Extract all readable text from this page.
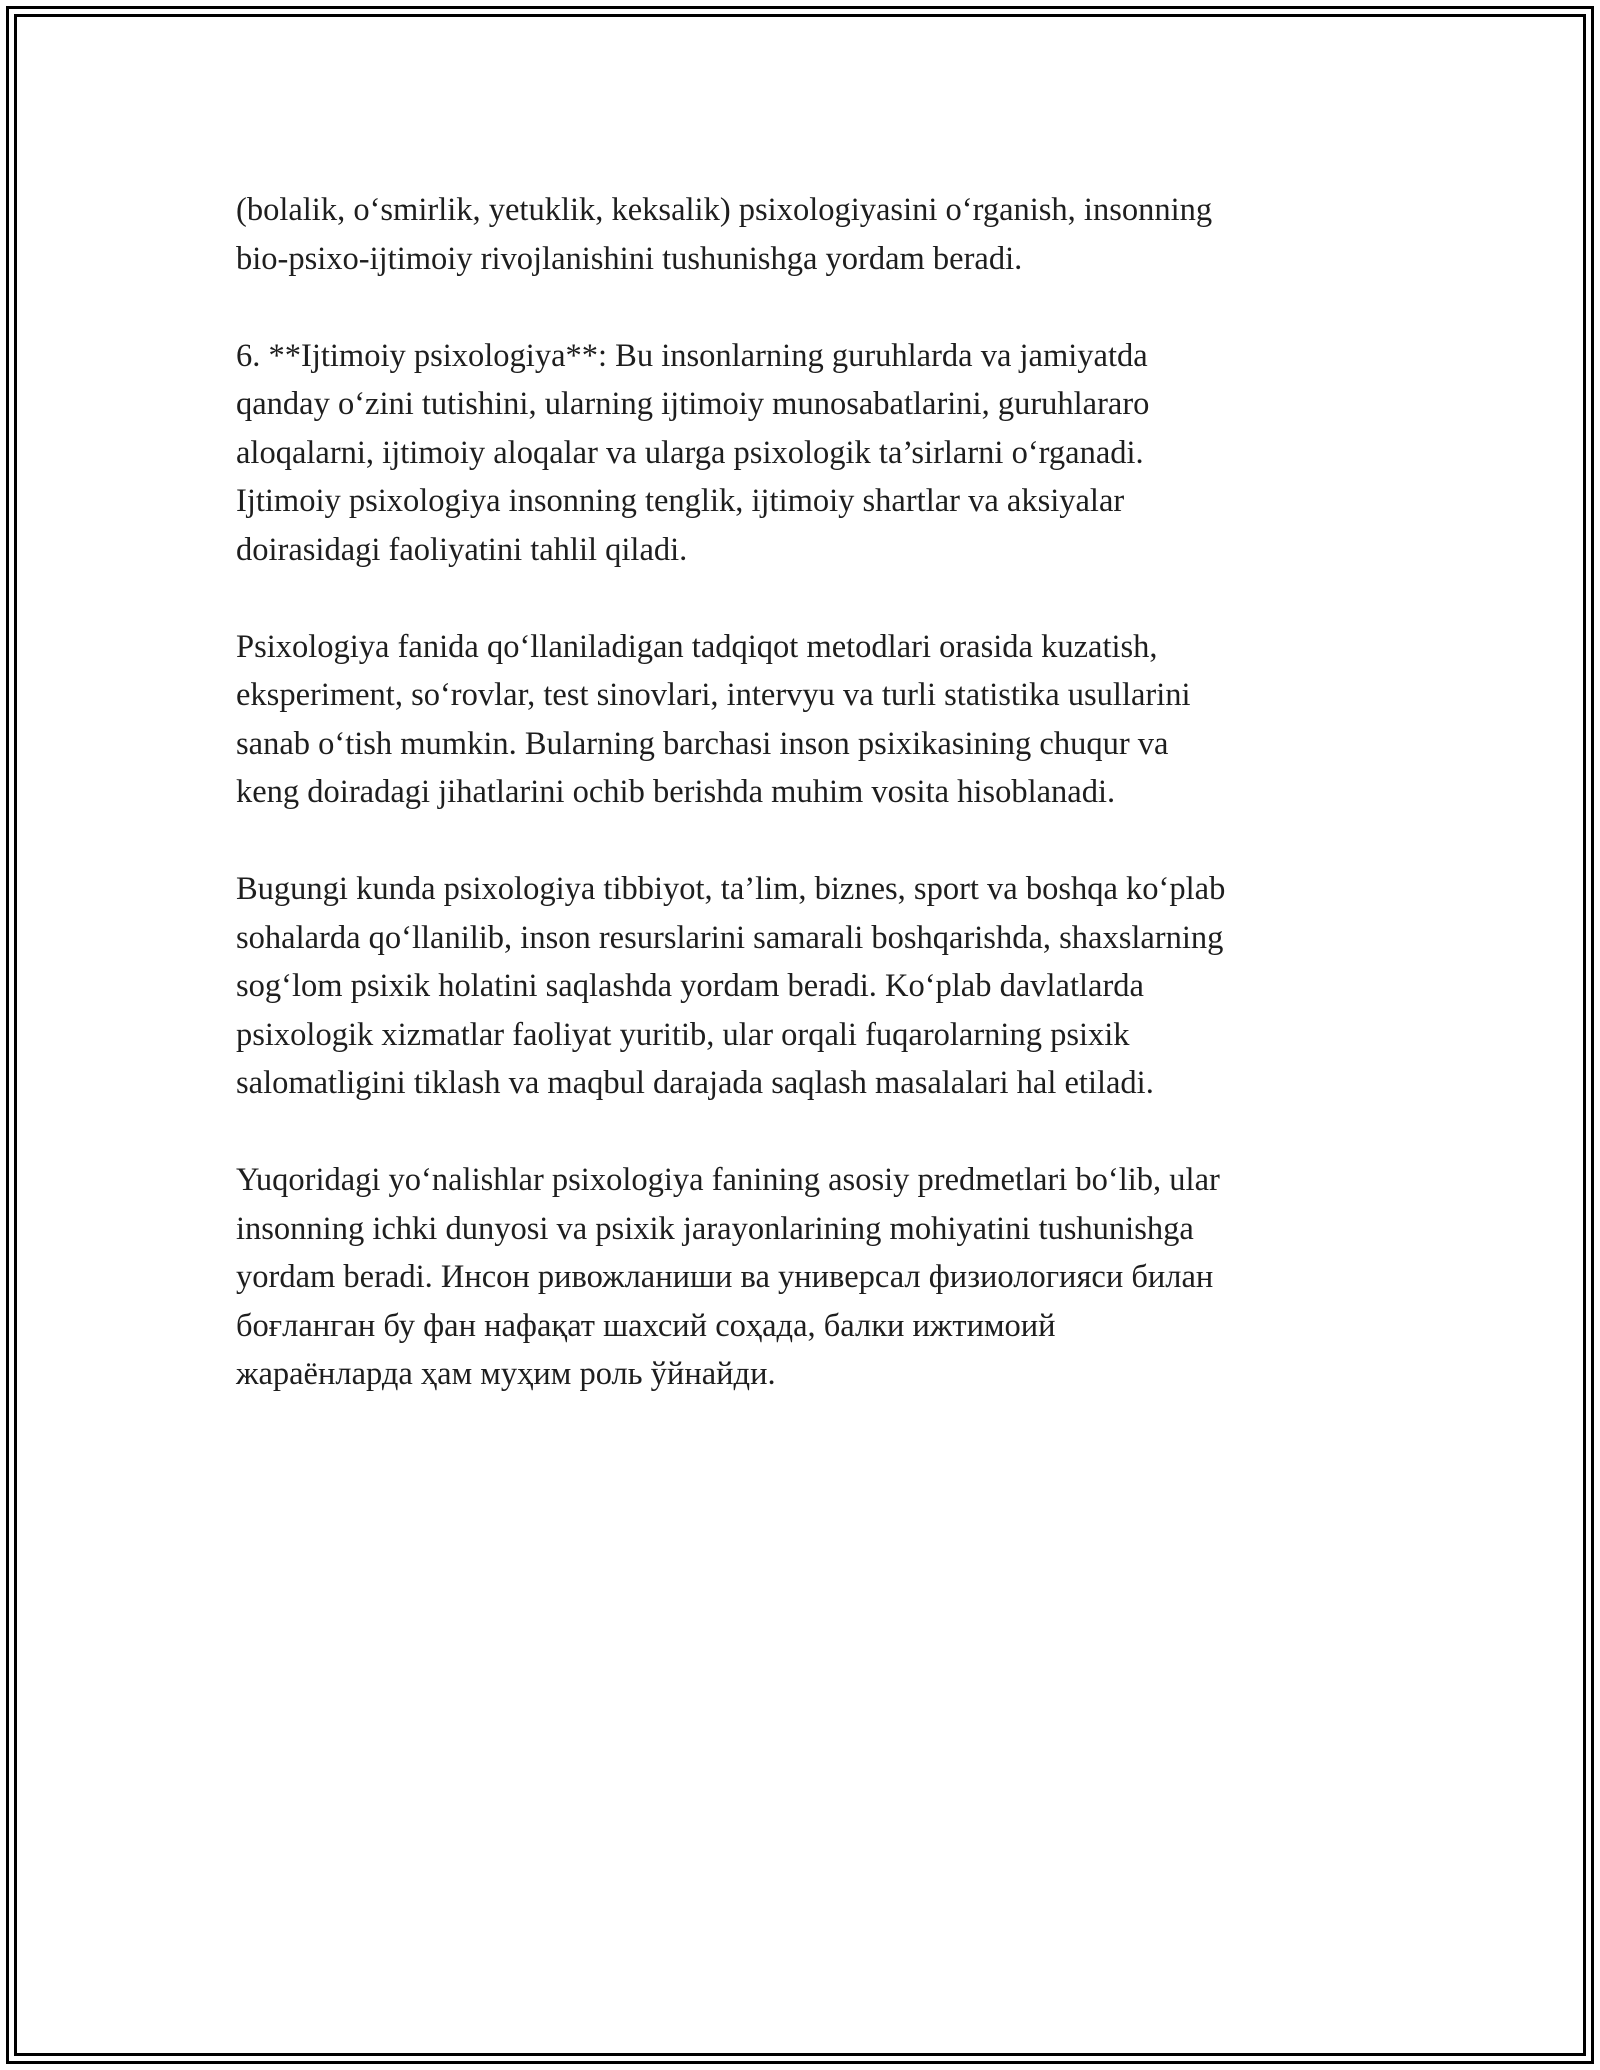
(bolalik, o‘smirlik, yetuklik, keksalik) psixologiyasini o‘rganish, insonning
bio-psixo-ijtimoiy rivojlanishini tushunishga yordam beradi.

6. **Ijtimoiy psixologiya**: Bu insonlarning guruhlarda va jamiyatda
qanday o‘zini tutishini, ularning ijtimoiy munosabatlarini, guruhlararo
aloqalarni, ijtimoiy aloqalar va ularga psixologik ta’sirlarni o‘rganadi.
Ijtimoiy psixologiya insonning tenglik, ijtimoiy shartlar va aksiyalar
doirasidagi faoliyatini tahlil qiladi.

Psixologiya fanida qo‘llaniladigan tadqiqot metodlari orasida kuzatish,
eksperiment, so‘rovlar, test sinovlari, intervyu va turli statistika usullarini
sanab o‘tish mumkin. Bularning barchasi inson psixikasining chuqur va
keng doiradagi jihatlarini ochib berishda muhim vosita hisoblanadi.

Bugungi kunda psixologiya tibbiyot, ta’lim, biznes, sport va boshqa ko‘plab
sohalarda qo‘llanilib, inson resurslarini samarali boshqarishda, shaxslarning
sog‘lom psixik holatini saqlashda yordam beradi. Ko‘plab davlatlarda
psixologik xizmatlar faoliyat yuritib, ular orqali fuqarolarning psixik
salomatligini tiklash va maqbul darajada saqlash masalalari hal etiladi.

Yuqoridagi yo‘nalishlar psixologiya fanining asosiy predmetlari bo‘lib, ular
insonning ichki dunyosi va psixik jarayonlarining mohiyatini tushunishga
yordam beradi. Инсон ривожланиши ва универсал физиологияси билан
боғланган бу фан нафақат шахсий соҳада, балки ижтимоий
жараёнларда ҳам муҳим роль ўйнайди.
